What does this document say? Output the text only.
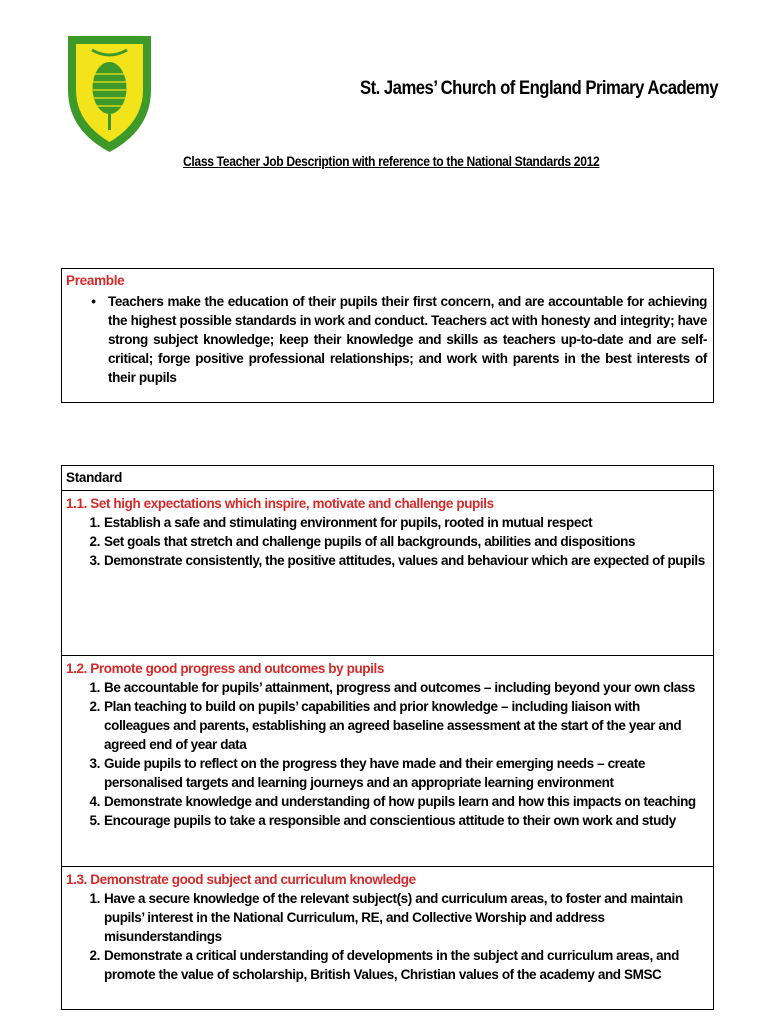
St. James’ Church of England Primary Academy
Class Teacher Job Description with reference to the National Standards 2012
Preamble
• Teachers make the education of their pupils their first concern, and are accountable for achieving the highest possible standards in work and conduct. Teachers act with honesty and integrity; have strong subject knowledge; keep their knowledge and skills as teachers up-to-date and are self-critical; forge positive professional relationships; and work with parents in the best interests of their pupils
Standard
1.1. Set high expectations which inspire, motivate and challenge pupils
1. Establish a safe and stimulating environment for pupils, rooted in mutual respect
2. Set goals that stretch and challenge pupils of all backgrounds, abilities and dispositions
3. Demonstrate consistently, the positive attitudes, values and behaviour which are expected of pupils
1.2. Promote good progress and outcomes by pupils
1. Be accountable for pupils’ attainment, progress and outcomes – including beyond your own class
2. Plan teaching to build on pupils’ capabilities and prior knowledge – including liaison with colleagues and parents, establishing an agreed baseline assessment at the start of the year and agreed end of year data
3. Guide pupils to reflect on the progress they have made and their emerging needs – create personalised targets and learning journeys and an appropriate learning environment
4. Demonstrate knowledge and understanding of how pupils learn and how this impacts on teaching
5. Encourage pupils to take a responsible and conscientious attitude to their own work and study
1.3. Demonstrate good subject and curriculum knowledge
1. Have a secure knowledge of the relevant subject(s) and curriculum areas, to foster and maintain pupils’ interest in the National Curriculum, RE, and Collective Worship and address misunderstandings
2. Demonstrate a critical understanding of developments in the subject and curriculum areas, and promote the value of scholarship, British Values, Christian values of the academy and SMSC
